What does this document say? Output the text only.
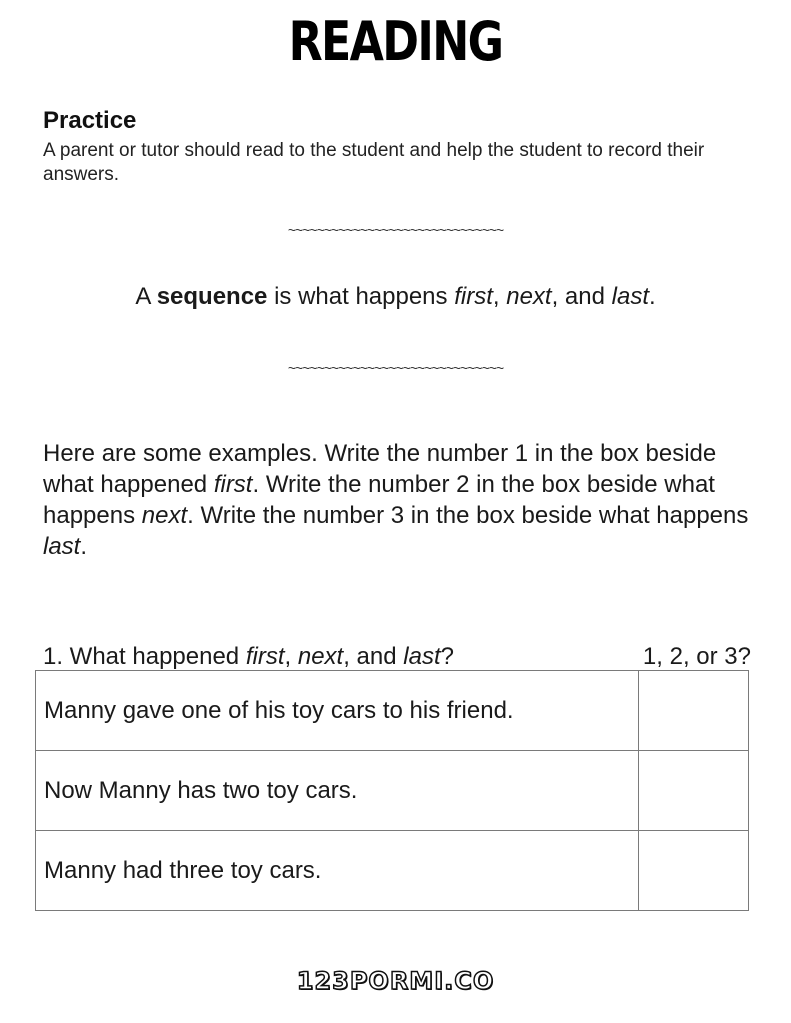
READING
Practice
A parent or tutor should read to the student and help the student to record their answers.
~~~~~~~~~~~~~~~~~~~~~~~~~~~~~~
A sequence is what happens first, next, and last.
~~~~~~~~~~~~~~~~~~~~~~~~~~~~~~
Here are some examples. Write the number 1 in the box beside what happened first. Write the number 2 in the box beside what happens next. Write the number 3 in the box beside what happens last.
1. What happened first, next, and last?	1, 2, or 3?
Manny gave one of his toy cars to his friend.	
Now Manny has two toy cars.	
Manny had three toy cars.	
123PORMI.CO
